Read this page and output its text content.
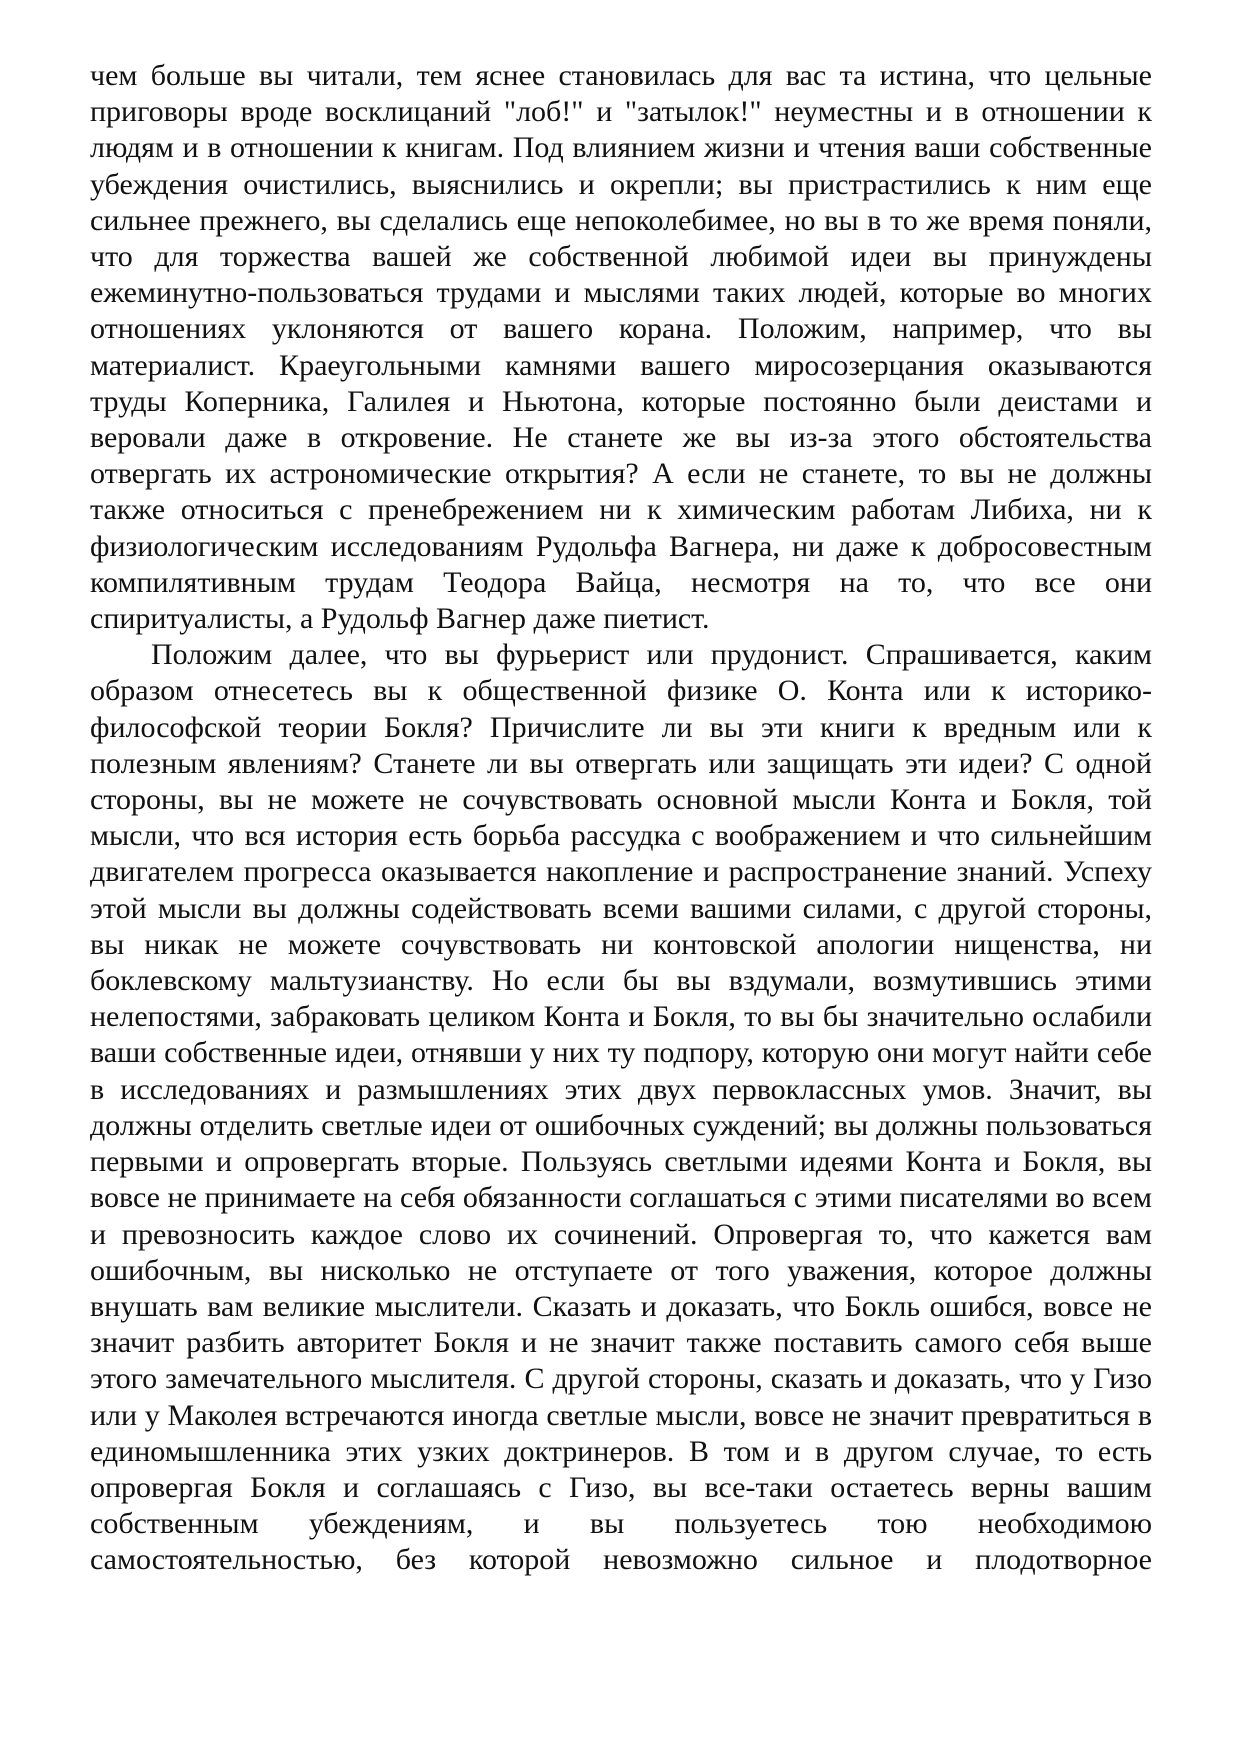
чем больше вы читали, тем яснее становилась для вас та истина, что цельные приговоры вроде восклицаний "лоб!" и "затылок!" неуместны и в отношении к людям и в отношении к книгам. Под влиянием жизни и чтения ваши собственные убеждения очистились, выяснились и окрепли; вы пристрастились к ним еще сильнее прежнего, вы сделались еще непоколебимее, но вы в то же время поняли, что для торжества вашей же собственной любимой идеи вы принуждены ежеминутно-пользоваться трудами и мыслями таких людей, которые во многих отношениях уклоняются от вашего корана. Положим, например, что вы материалист. Краеугольными камнями вашего миросозерцания оказываются труды Коперника, Галилея и Ньютона, которые постоянно были деистами и веровали даже в откровение. Не станете же вы из-за этого обстоятельства отвергать их астрономические открытия? А если не станете, то вы не должны также относиться с пренебрежением ни к химическим работам Либиха, ни к физиологическим исследованиям Рудольфа Вагнера, ни даже к добросовестным компилятивным трудам Теодора Вайца, несмотря на то, что все они спиритуалисты, а Рудольф Вагнер даже пиетист.

Положим далее, что вы фурьерист или прудонист. Спрашивается, каким образом отнесетесь вы к общественной физике О. Конта или к историко-философской теории Бокля? Причислите ли вы эти книги к вредным или к полезным явлениям? Станете ли вы отвергать или защищать эти идеи? С одной стороны, вы не можете не сочувствовать основной мысли Конта и Бокля, той мысли, что вся история есть борьба рассудка с воображением и что сильнейшим двигателем прогресса оказывается накопление и распространение знаний. Успеху этой мысли вы должны содействовать всеми вашими силами, с другой стороны, вы никак не можете сочувствовать ни контовской апологии нищенства, ни боклевскому мальтузианству. Но если бы вы вздумали, возмутившись этими нелепостями, забраковать целиком Конта и Бокля, то вы бы значительно ослабили ваши собственные идеи, отнявши у них ту подпору, которую они могут найти себе в исследованиях и размышлениях этих двух первоклассных умов. Значит, вы должны отделить светлые идеи от ошибочных суждений; вы должны пользоваться первыми и опровергать вторые. Пользуясь светлыми идеями Конта и Бокля, вы вовсе не принимаете на себя обязанности соглашаться с этими писателями во всем и превозносить каждое слово их сочинений. Опровергая то, что кажется вам ошибочным, вы нисколько не отступаете от того уважения, которое должны внушать вам великие мыслители. Сказать и доказать, что Бокль ошибся, вовсе не значит разбить авторитет Бокля и не значит также поставить самого себя выше этого замечательного мыслителя. С другой стороны, сказать и доказать, что у Гизо или у Маколея встречаются иногда светлые мысли, вовсе не значит превратиться в единомышленника этих узких доктринеров. В том и в другом случае, то есть опровергая Бокля и соглашаясь с Гизо, вы все-таки остаетесь верны вашим собственным убеждениям, и вы пользуетесь тою необходимою самостоятельностью, без которой невозможно сильное и плодотворное
